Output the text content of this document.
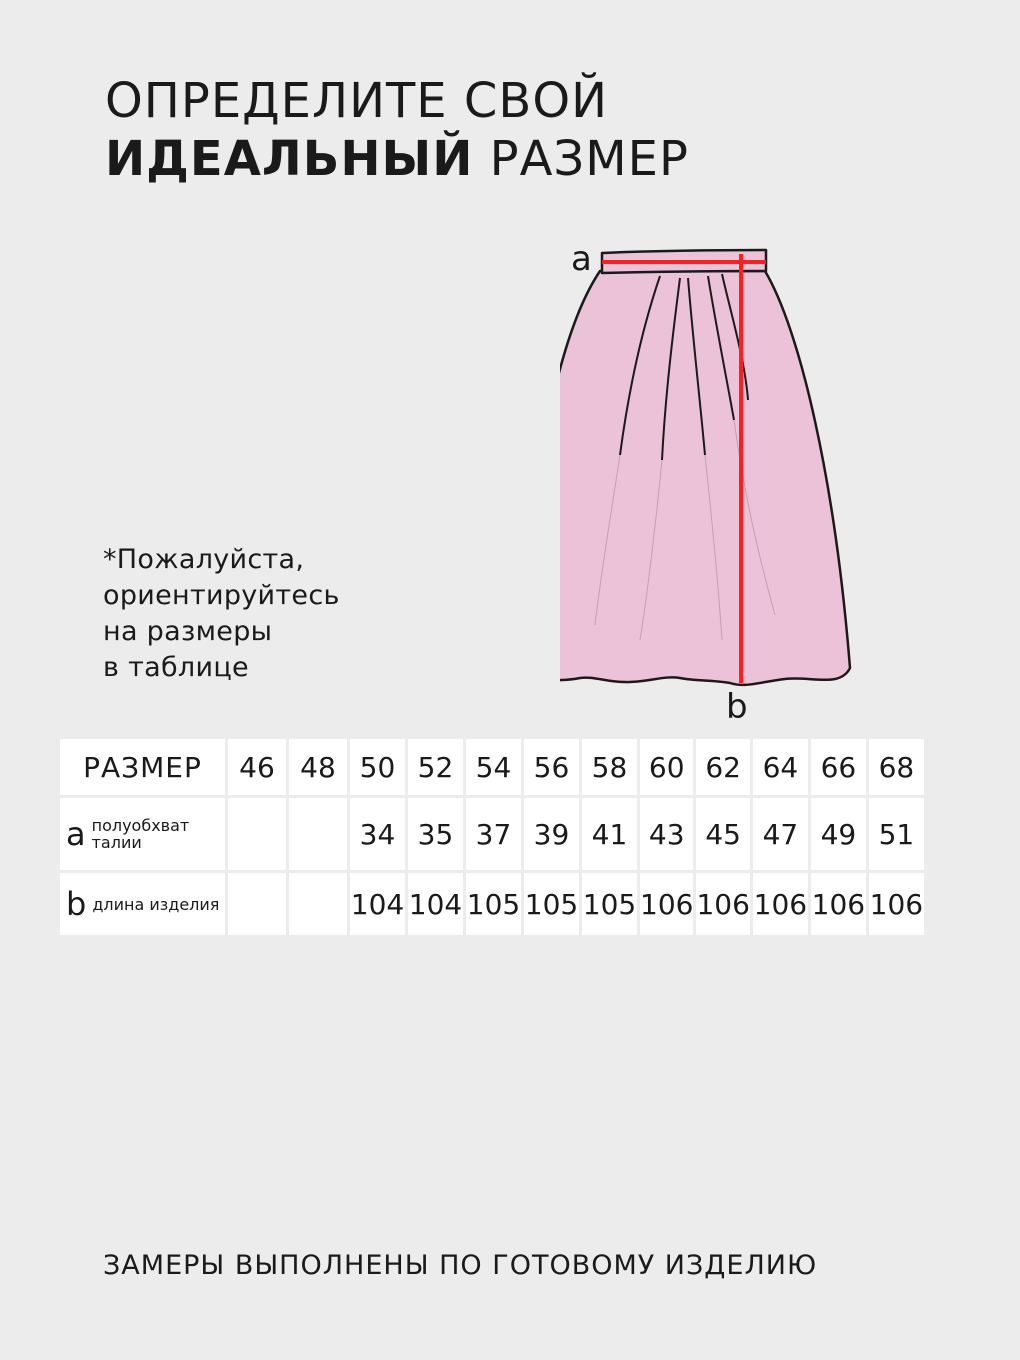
ОПРЕДЕЛИТЕ СВОЙ
ИДЕАЛЬНЫЙ РАЗМЕР
*Пожалуйста,
ориентируйтесь
на размеры
в таблице
a
b
РАЗМЕР	46	48	50	52	54	56	58	60	62	64	66	68

a полуобхват талии			34	35	37	39	41	43	45	47	49	51

b длина изделия			104	104	105	105	105	106	106	106	106	106
ЗАМЕРЫ ВЫПОЛНЕНЫ ПО ГОТОВОМУ ИЗДЕЛИЮ
